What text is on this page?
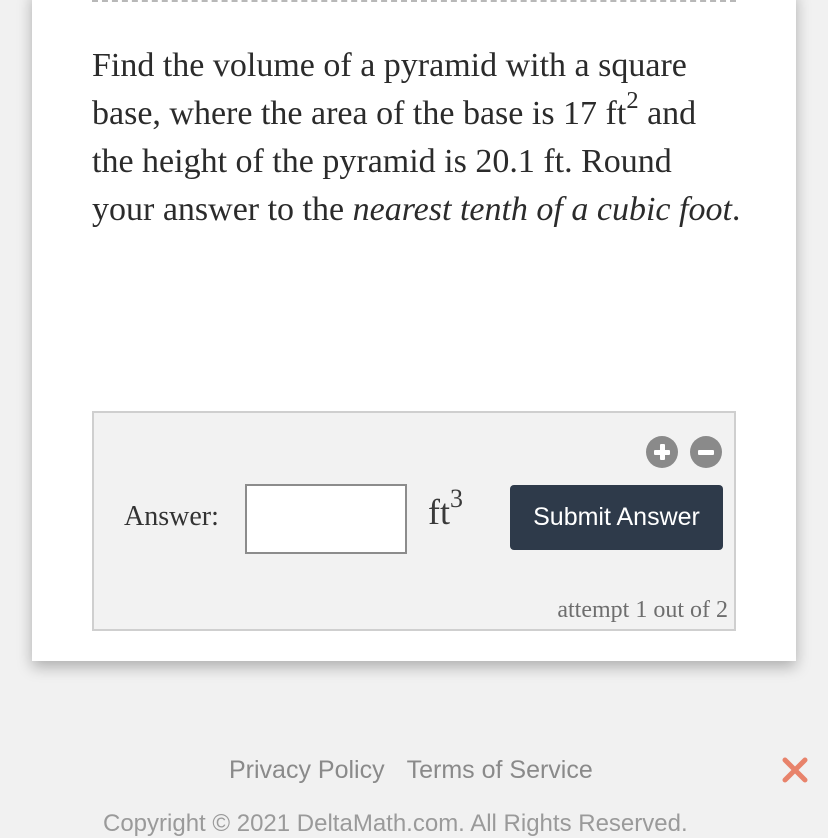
Find the volume of a pyramid with a square base, where the area of the base is 17 $ft^2$ and the height of the pyramid is 20.1 ft. Round your answer to the nearest tenth of a cubic foot.
Answer:	$ft^3$
Submit Answer
attempt 1 out of 2
Privacy Policy Terms of Service
Copyright © 2021 DeltaMath.com. All Rights Reserved.
